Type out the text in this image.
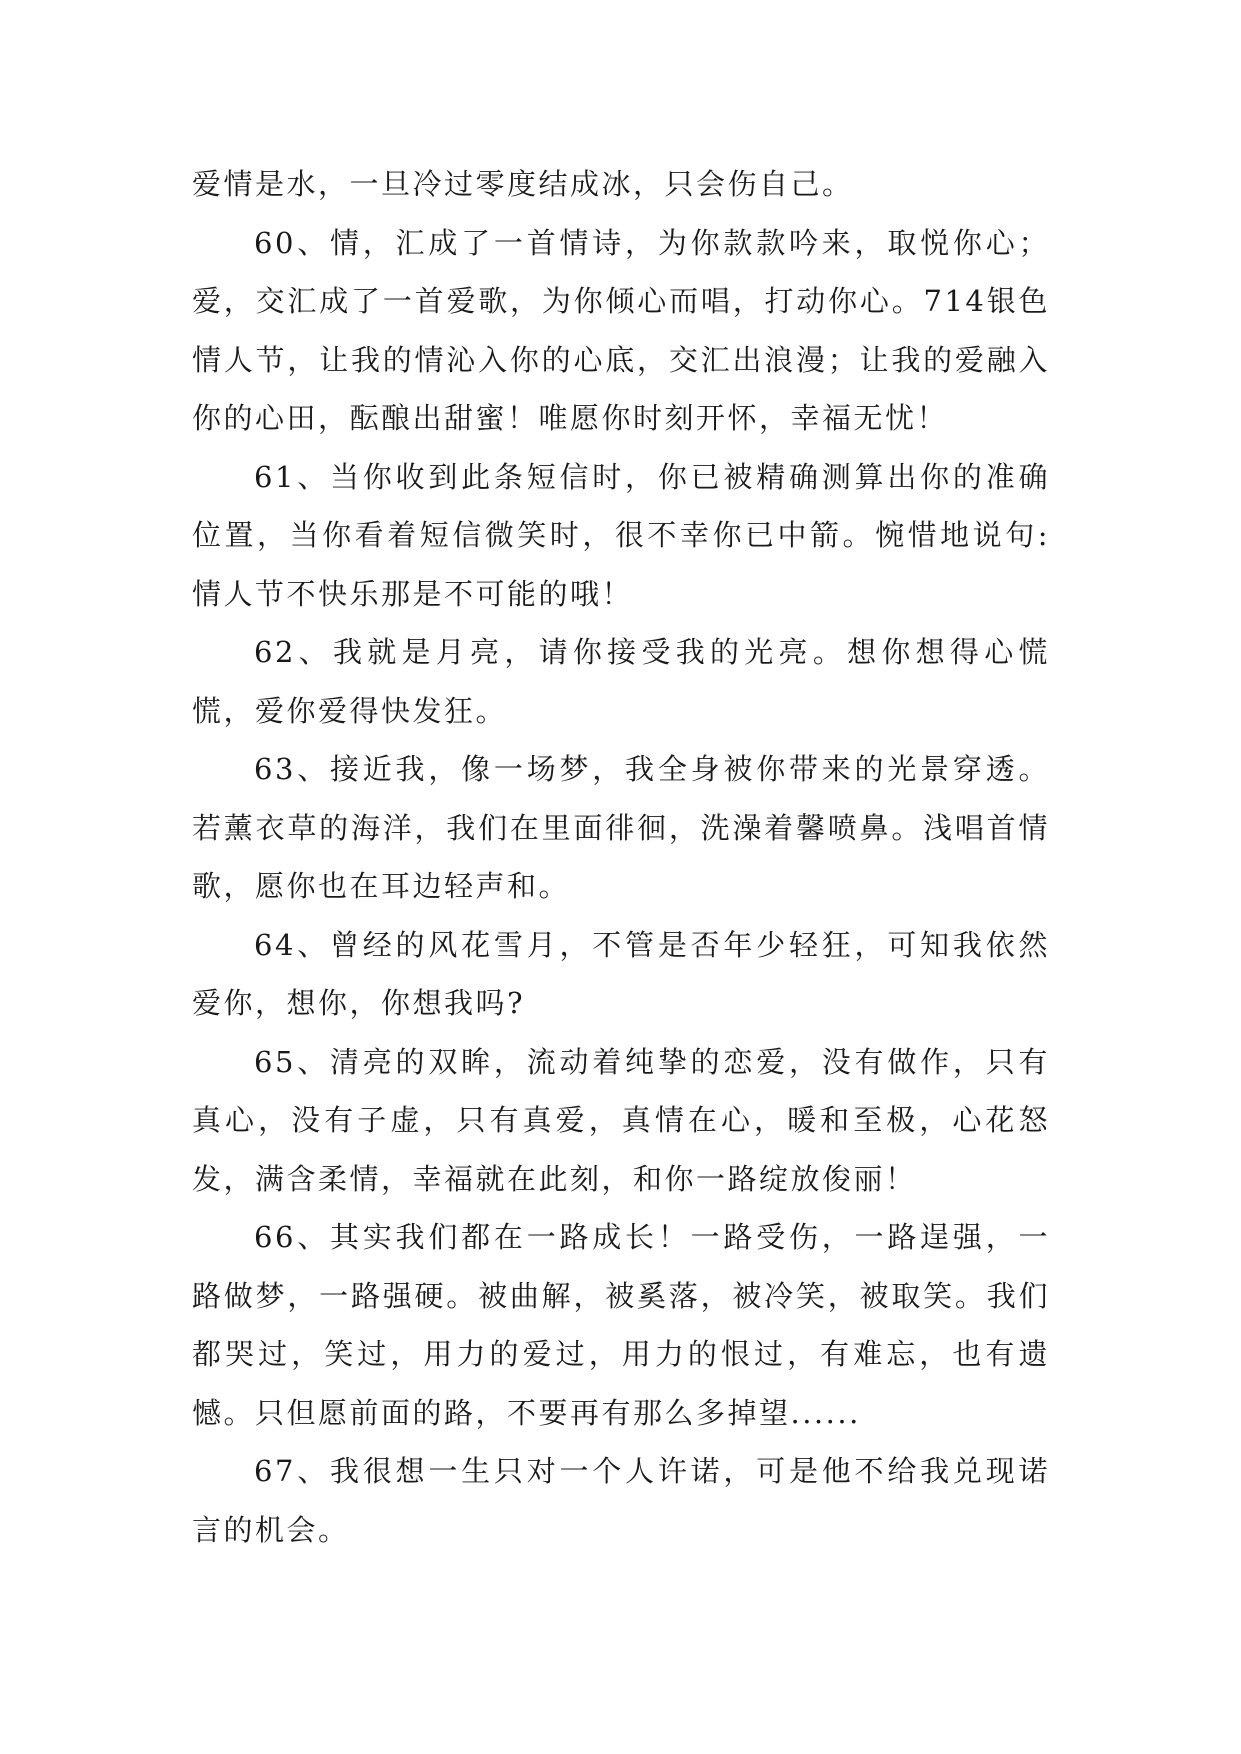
爱情是水，一旦冷过零度结成冰，只会伤自己。

60、情，汇成了一首情诗，为你款款吟来，取悦你心；爱，交汇成了一首爱歌，为你倾心而唱，打动你心。714银色情人节，让我的情沁入你的心底，交汇出浪漫；让我的爱融入你的心田，酝酿出甜蜜！唯愿你时刻开怀，幸福无忧！

61、当你收到此条短信时，你已被精确测算出你的准确位置，当你看着短信微笑时，很不幸你已中箭。惋惜地说句:情人节不快乐那是不可能的哦！

62、我就是月亮，请你接受我的光亮。想你想得心慌慌，爱你爱得快发狂。

63、接近我，像一场梦，我全身被你带来的光景穿透。若薰衣草的海洋，我们在里面徘徊，洗澡着馨喷鼻。浅唱首情歌，愿你也在耳边轻声和。

64、曾经的风花雪月，不管是否年少轻狂，可知我依然爱你，想你，你想我吗?

65、清亮的双眸，流动着纯挚的恋爱，没有做作，只有真心，没有子虚，只有真爱，真情在心，暖和至极，心花怒发，满含柔情，幸福就在此刻，和你一路绽放俊丽！

66、其实我们都在一路成长！一路受伤，一路逞强，一路做梦，一路强硬。被曲解，被奚落，被冷笑，被取笑。我们都哭过，笑过，用力的爱过，用力的恨过，有难忘，也有遗憾。只但愿前面的路，不要再有那么多掉望......

67、我很想一生只对一个人许诺，可是他不给我兑现诺言的机会。
